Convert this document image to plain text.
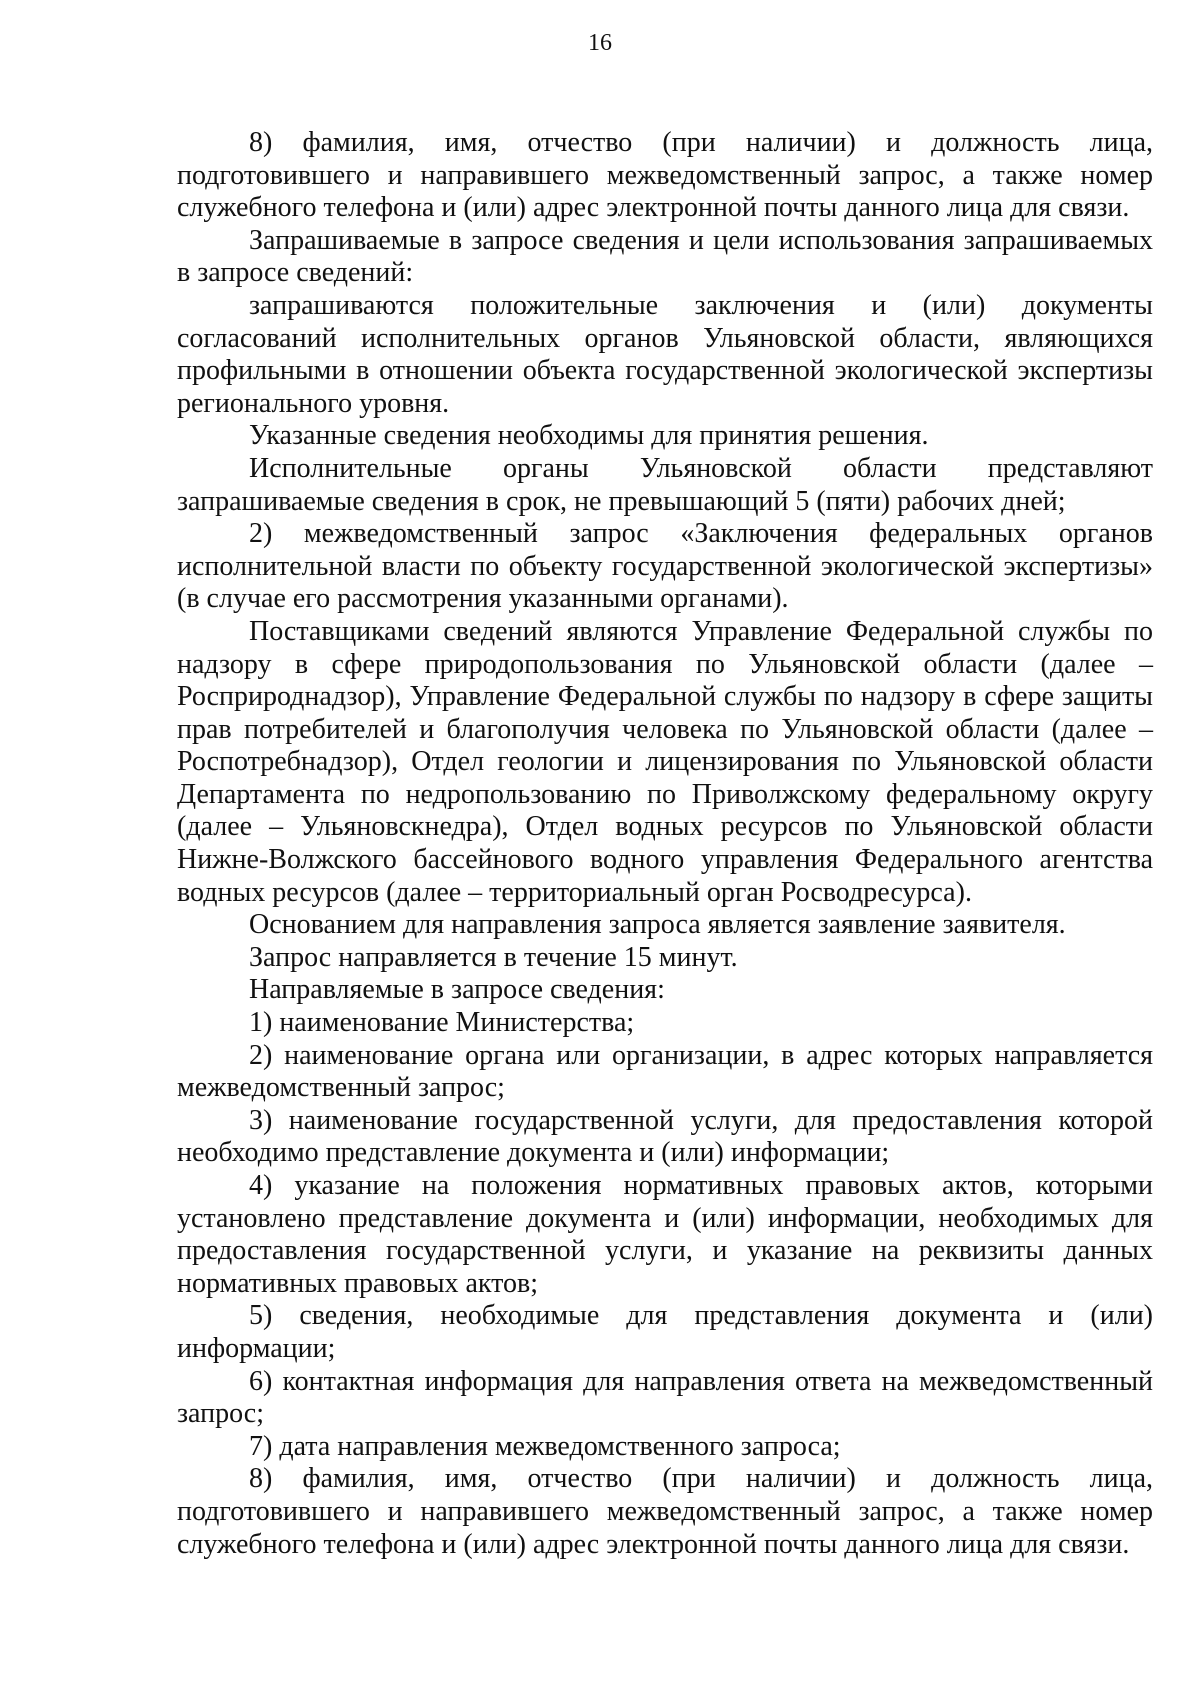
16

8) фамилия, имя, отчество (при наличии) и должность лица, подготовившего и направившего межведомственный запрос, а также номер служебного телефона и (или) адрес электронной почты данного лица для связи.

Запрашиваемые в запросе сведения и цели использования запрашиваемых в запросе сведений:

запрашиваются положительные заключения и (или) документы согласований исполнительных органов Ульяновской области, являющихся профильными в отношении объекта государственной экологической экспертизы регионального уровня.

Указанные сведения необходимы для принятия решения.

Исполнительные органы Ульяновской области представляют запрашиваемые сведения в срок, не превышающий 5 (пяти) рабочих дней;

2) межведомственный запрос «Заключения федеральных органов исполнительной власти по объекту государственной экологической экспертизы» (в случае его рассмотрения указанными органами).

Поставщиками сведений являются Управление Федеральной службы по надзору в сфере природопользования по Ульяновской области (далее – Росприроднадзор), Управление Федеральной службы по надзору в сфере защиты прав потребителей и благополучия человека по Ульяновской области (далее – Роспотребнадзор), Отдел геологии и лицензирования по Ульяновской области Департамента по недропользованию по Приволжскому федеральному округу (далее – Ульяновскнедра), Отдел водных ресурсов по Ульяновской области Нижне-Волжского бассейнового водного управления Федерального агентства водных ресурсов (далее – территориальный орган Росводресурса).

Основанием для направления запроса является заявление заявителя.

Запрос направляется в течение 15 минут.

Направляемые в запросе сведения:

1) наименование Министерства;

2) наименование органа или организации, в адрес которых направляется межведомственный запрос;

3) наименование государственной услуги, для предоставления которой необходимо представление документа и (или) информации;

4) указание на положения нормативных правовых актов, которыми установлено представление документа и (или) информации, необходимых для предоставления государственной услуги, и указание на реквизиты данных нормативных правовых актов;

5) сведения, необходимые для представления документа и (или) информации;

6) контактная информация для направления ответа на межведомственный запрос;

7) дата направления межведомственного запроса;

8) фамилия, имя, отчество (при наличии) и должность лица, подготовившего и направившего межведомственный запрос, а также номер служебного телефона и (или) адрес электронной почты данного лица для связи.
